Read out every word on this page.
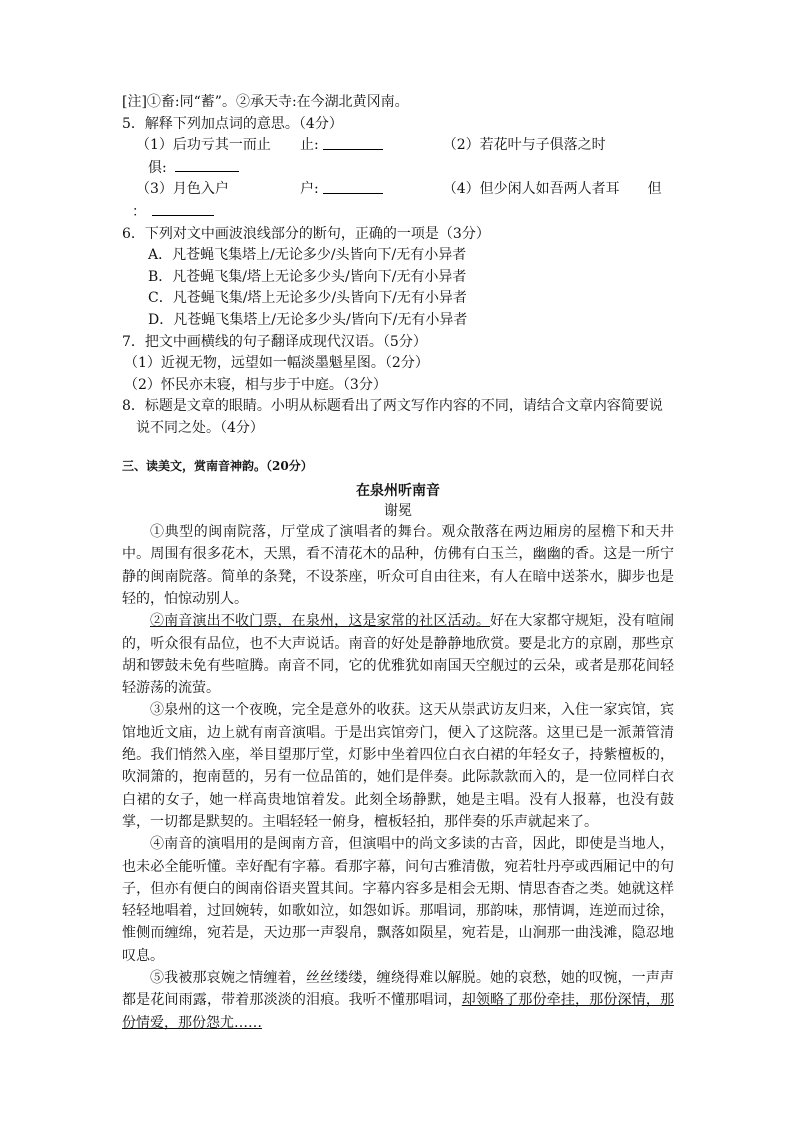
[注]①畜:同“蓄”。②承天寺:在今湖北黄冈南。

5．解释下列加点词的意思。（4分）

（1）后功亏其一而止	止:	（2）若花叶与子俱落之时
俱:
（3）月色入户	户:	（4）但少闲人如吾两人者耳 但
：

6．下列对文中画波浪线部分的断句，正确的一项是（3分）

A．凡苍蝇飞集塔上/无论多少/头皆向下/无有小异者

B．凡苍蝇飞集/塔上无论多少头/皆向下/无有小异者

C．凡苍蝇飞集/塔上无论多少/头皆向下/无有小异者

D．凡苍蝇飞集塔上/无论多少头/皆向下/无有小异者

7．把文中画横线的句子翻译成现代汉语。（5分）

（1）近视无物，远望如一幅淡墨魁星图。（2分）

（2）怀民亦未寝，相与步于中庭。（3分）

8．标题是文章的眼睛。小明从标题看出了两文写作内容的不同，请结合文章内容简要说

说不同之处。（4分）

三、读美文，赏南音神韵。（20分）

在泉州听南音
谢冕

①典型的闽南院落，厅堂成了演唱者的舞台。观众散落在两边厢房的屋檐下和天井中。周围有很多花木，天黑，看不清花木的品种，仿佛有白玉兰，幽幽的香。这是一所宁静的闽南院落。简单的条凳，不设茶座，听众可自由往来，有人在暗中送茶水，脚步也是轻的，怕惊动别人。

②南音演出不收门票，在泉州，这是家常的社区活动。好在大家都守规矩，没有喧闹的，听众很有品位，也不大声说话。南音的好处是静静地欣赏。要是北方的京剧，那些京胡和锣鼓未免有些喧腾。南音不同，它的优雅犹如南国天空舰过的云朵，或者是那花间轻轻游荡的流萤。

③泉州的这一个夜晚，完全是意外的收获。这天从崇武访友归来，入住一家宾馆，宾馆地近文庙，边上就有南音演唱。于是出宾馆旁门，便入了这院落。这里已是一派萧管清绝。我们悄然入座，举目望那厅堂，灯影中坐着四位白衣白裙的年轻女子，持紫檀板的，吹洞箫的，抱南琶的，另有一位品笛的，她们是伴奏。此际款款而入的，是一位同样白衣白裙的女子，她一样高贵地馆着发。此刻全场静默，她是主唱。没有人报幕，也没有鼓掌，一切都是默契的。主唱轻轻一俯身，檀板轻拍，那伴奏的乐声就起来了。

④南音的演唱用的是闽南方音，但演唱中的尚文多读的古音，因此，即使是当地人，也未必全能听懂。幸好配有字幕。看那字幕，问句古雅清傲，宛若牡丹亭或西厢记中的句子，但亦有便白的闽南俗语夹置其间。字幕内容多是相会无期、情思杳杳之类。她就这样轻轻地唱着，过回婉转，如歌如泣，如怨如诉。那唱词，那韵味，那情调，连逆而过徐，惟侧而缠绵，宛若是，天边那一声裂帛，飘落如陨星，宛若是，山涧那一曲浅滩，隐忍地叹息。

⑤我被那哀婉之情缠着，丝丝缕缕，缠绕得难以解脱。她的哀愁，她的叹惋，一声声都是花间雨露，带着那淡淡的泪痕。我听不懂那唱词，却领略了那份牵挂，那份深情，那份情爱，那份怨尤……
